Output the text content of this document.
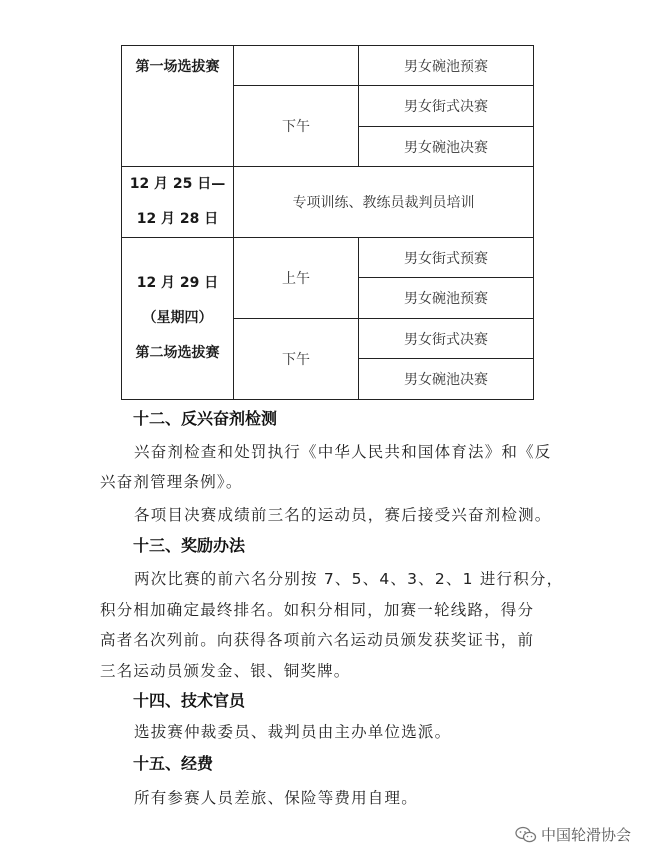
第一场选拔赛		男女碗池预赛
	下午	男女街式决赛
		男女碗池决赛

12 月 25 日—
12 月 28 日	专项训练、教练员裁判员培训	

12 月 29 日
（星期四）
第二场选拔赛	上午	男女街式预赛
		男女碗池预赛
	下午	男女街式决赛
		男女碗池决赛
十二、反兴奋剂检测
兴奋剂检查和处罚执行《中华人民共和国体育法》和《反
兴奋剂管理条例》。
各项目决赛成绩前三名的运动员，赛后接受兴奋剂检测。
十三、奖励办法
两次比赛的前六名分别按 7、5、4、3、2、1 进行积分，
积分相加确定最终排名。如积分相同，加赛一轮线路，得分
高者名次列前。向获得各项前六名运动员颁发获奖证书，前
三名运动员颁发金、银、铜奖牌。
十四、技术官员
选拔赛仲裁委员、裁判员由主办单位选派。
十五、经费
所有参赛人员差旅、保险等费用自理。
中国轮滑协会
